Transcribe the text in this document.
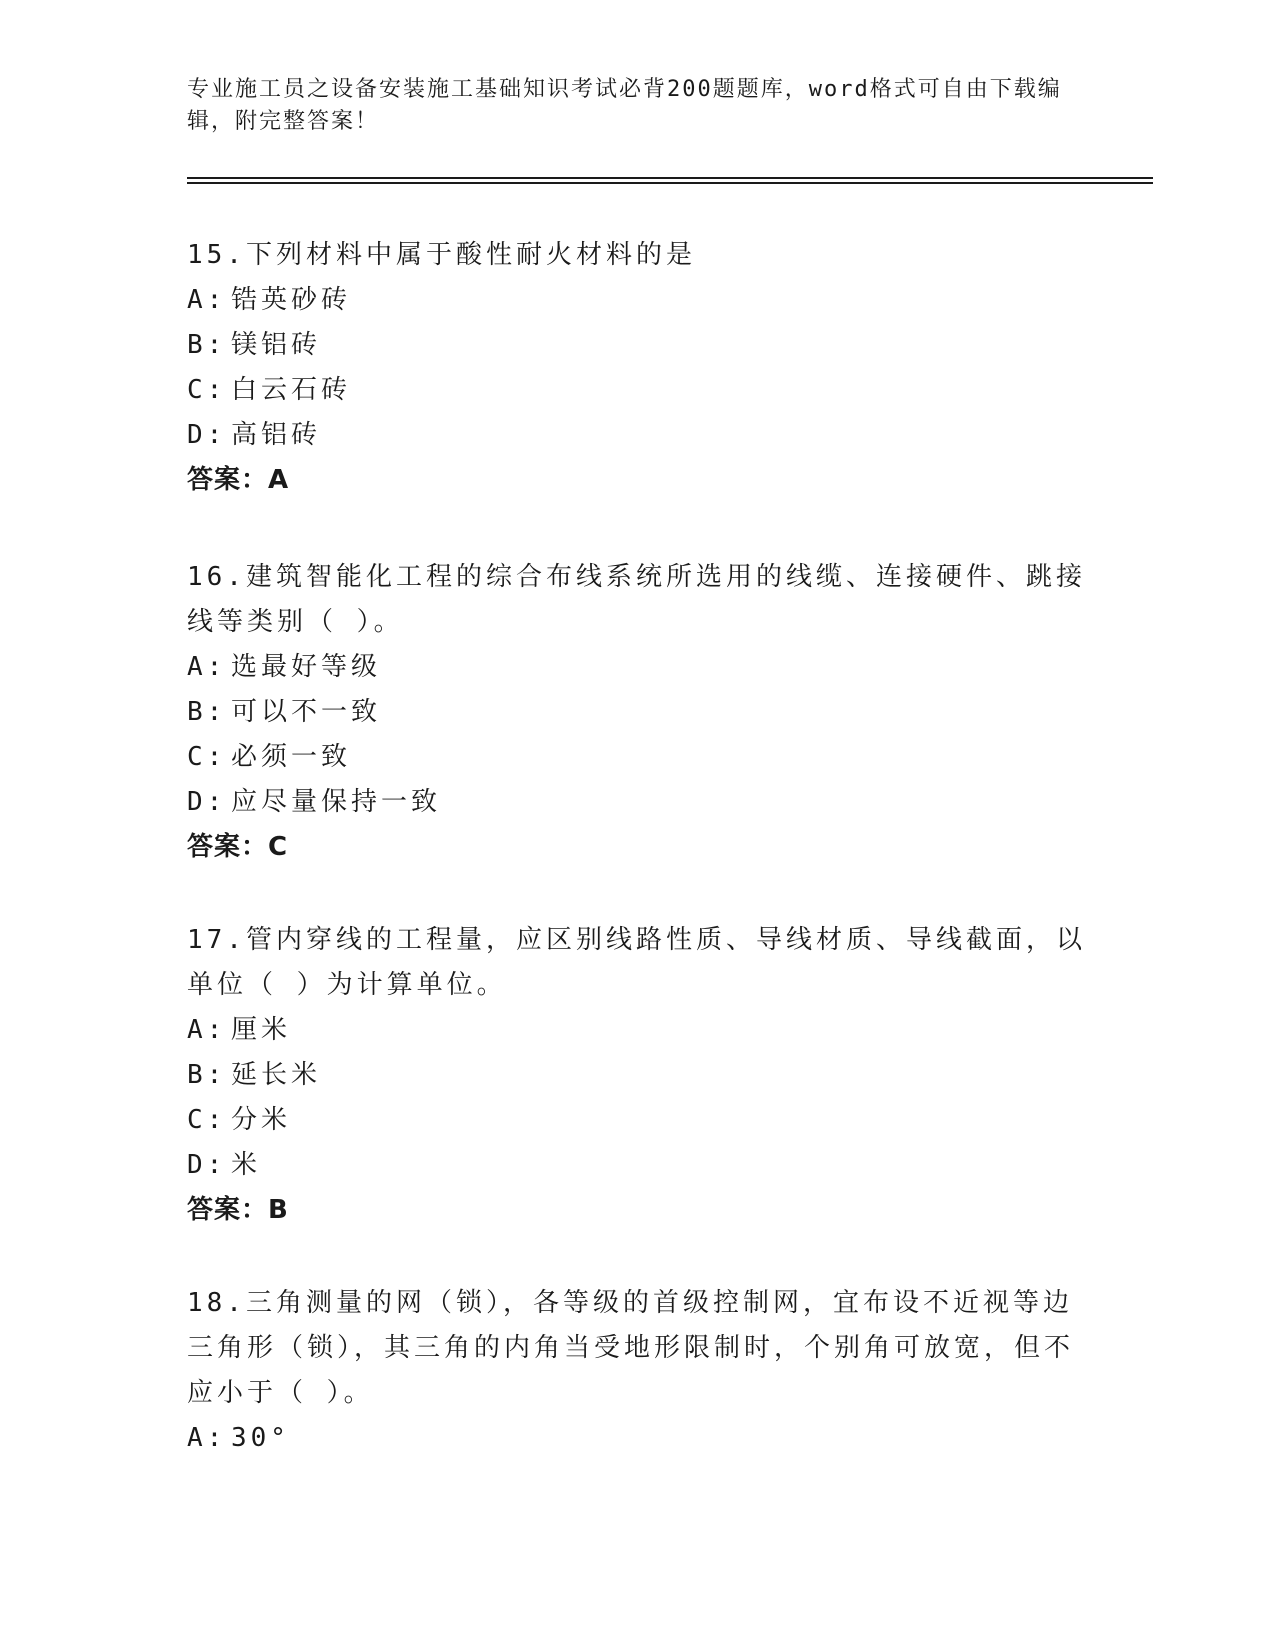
专业施工员之设备安装施工基础知识考试必背200题题库，word格式可自由下载编辑，附完整答案！

15.下列材料中属于酸性耐火材料的是

A: 锆英砂砖

B: 镁铝砖

C: 白云石砖

D: 高铝砖

答案：A

16.建筑智能化工程的综合布线系统所选用的线缆、连接硬件、跳接线等类别（ ）。

A: 选最好等级

B: 可以不一致

C: 必须一致

D: 应尽量保持一致

答案：C

17.管内穿线的工程量，应区别线路性质、导线材质、导线截面，以单位（ ）为计算单位。

A: 厘米

B: 延长米

C: 分米

D: 米

答案：B

18.三角测量的网（锁），各等级的首级控制网，宜布设不近视等边三角形（锁），其三角的内角当受地形限制时，个别角可放宽，但不应小于（ ）。

A: 30°
